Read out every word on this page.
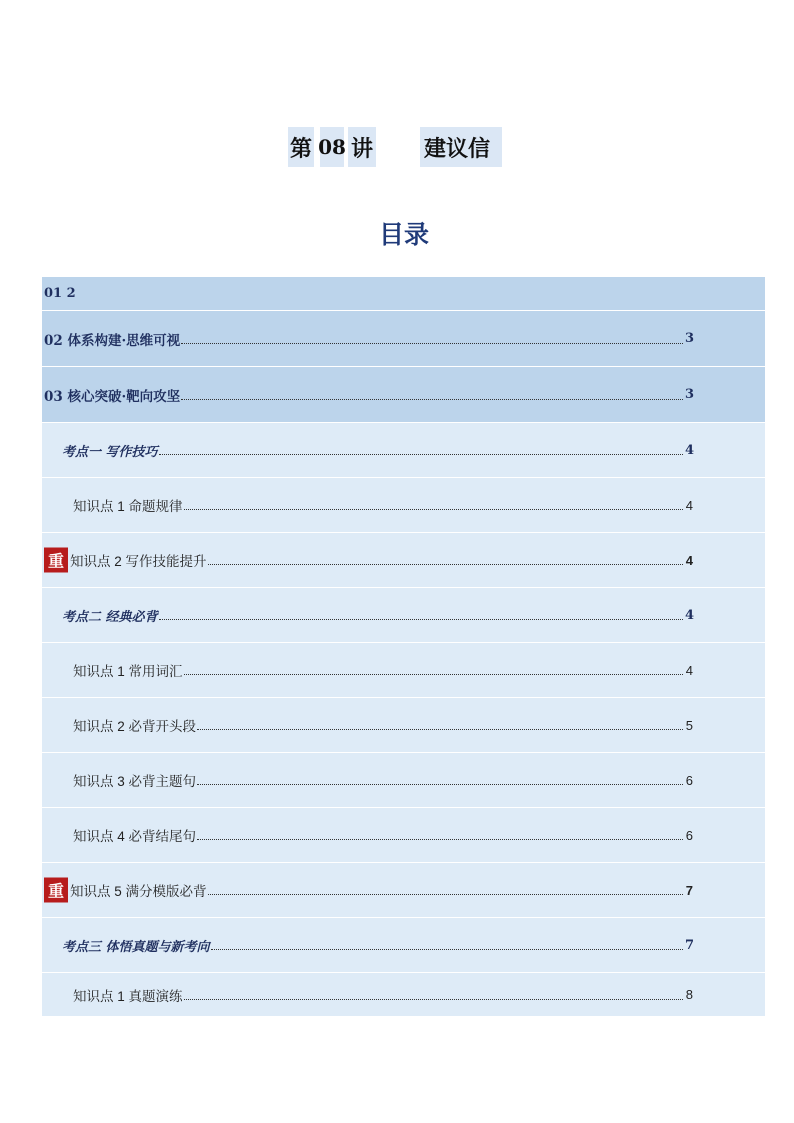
第 08 讲 建议信
目录
01 2
02 体系构建·思维可视	3
03 核心突破·靶向攻坚	3
考点一 写作技巧	4
知识点 1 命题规律	4
重 知识点 2 写作技能提升	4
考点二 经典必背	4
知识点 1 常用词汇	4
知识点 2 必背开头段	5
知识点 3 必背主题句	6
知识点 4 必背结尾句	6
重 知识点 5 满分模版必背	7
考点三 体悟真题与新考向	7
知识点 1 真题演练	8
